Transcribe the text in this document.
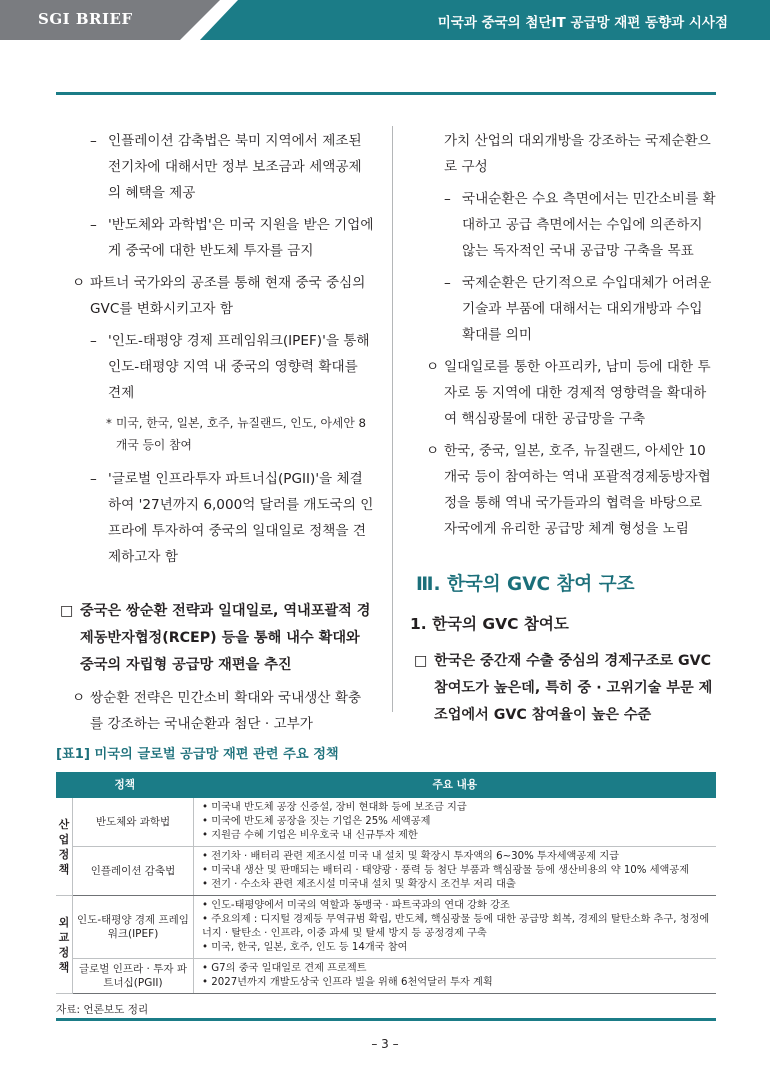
SGI BRIEF	미국과 중국의 첨단IT 공급망 재편 동향과 시사점

– 인플레이션 감축법은 북미 지역에서 제조된 전기차에 대해서만 정부 보조금과 세액공제의 혜택을 제공

– '반도체와 과학법'은 미국 지원을 받은 기업에게 중국에 대한 반도체 투자를 금지

ㅇ 파트너 국가와의 공조를 통해 현재 중국 중심의 GVC를 변화시키고자 함

– '인도-태평양 경제 프레임워크(IPEF)'을 통해 인도-태평양 지역 내 중국의 영향력 확대를 견제

* 미국, 한국, 일본, 호주, 뉴질랜드, 인도, 아세안 8개국 등이 참여

– '글로벌 인프라투자 파트너십(PGII)'을 체결하여 '27년까지 6,000억 달러를 개도국의 인프라에 투자하여 중국의 일대일로 정책을 견제하고자 함

□ 중국은 쌍순환 전략과 일대일로, 역내포괄적 경제동반자협정(RCEP) 등을 통해 내수 확대와 중국의 자립형 공급망 재편을 추진

ㅇ 쌍순환 전략은 민간소비 확대와 국내생산 확충를 강조하는 국내순환과 첨단 · 고부가

가치 산업의 대외개방을 강조하는 국제순환으로 구성

– 국내순환은 수요 측면에서는 민간소비를 확대하고 공급 측면에서는 수입에 의존하지 않는 독자적인 국내 공급망 구축을 목표

– 국제순환은 단기적으로 수입대체가 어려운 기술과 부품에 대해서는 대외개방과 수입 확대를 의미

ㅇ 일대일로를 통한 아프리카, 남미 등에 대한 투자로 동 지역에 대한 경제적 영향력을 확대하여 핵심광물에 대한 공급망을 구축

ㅇ 한국, 중국, 일본, 호주, 뉴질랜드, 아세안 10개국 등이 참여하는 역내 포괄적경제동방자협정을 통해 역내 국가들과의 협력을 바탕으로 자국에게 유리한 공급망 체계 형성을 노림

Ⅲ. 한국의 GVC 참여 구조

1. 한국의 GVC 참여도

□ 한국은 중간재 수출 중심의 경제구조로 GVC 참여도가 높은데, 특히 중 · 고위기술 부문 제조업에서 GVC 참여율이 높은 수준

[표1] 미국의 글로벌 공급망 재편 관련 주요 정책
정책		주요 내용
산업정책	반도체와 과학법	• 미국내 반도체 공장 신증설, 장비 현대화 등에 보조금 지급
• 미국에 반도체 공장을 짓는 기업은 25% 세액공제
• 지원금 수혜 기업은 비우호국 내 신규투자 제한

	인플레이션 감축법	• 전기차 · 배터리 관련 제조시설 미국 내 설치 및 확장시 투자액의 6~30% 투자세액공제 지급
• 미국내 생산 및 판매되는 배터리 · 태양광 · 풍력 등 첨단 부품과 핵심광물 등에 생산비용의 약 10% 세액공제
• 전기 · 수소차 관련 제조시설 미국내 설치 및 확장시 조건부 저리 대출

외교정책	인도-태평양 경제 프레임 워크(IPEF)	• 인도-태평양에서 미국의 역할과 동맹국 · 파트국과의 연대 강화 강조
• 주요의제 : 디지털 경제등 무역규범 확립, 반도체, 핵심광물 등에 대한 공급망 회복, 경제의 탈탄소화 추구, 청정에너지 · 탈탄소 · 인프라, 이중 과세 및 탈세 방지 등 공정경제 구축
• 미국, 한국, 일본, 호주, 인도 등 14개국 참여

	글로벌 인프라 · 투자 파트너십(PGII)	• G7의 중국 일대일로 견제 프로젝트
• 2027년까지 개발도상국 인프라 빌을 위해 6천억달러 투자 계획
자료: 언론보도 정리
– 3 –
